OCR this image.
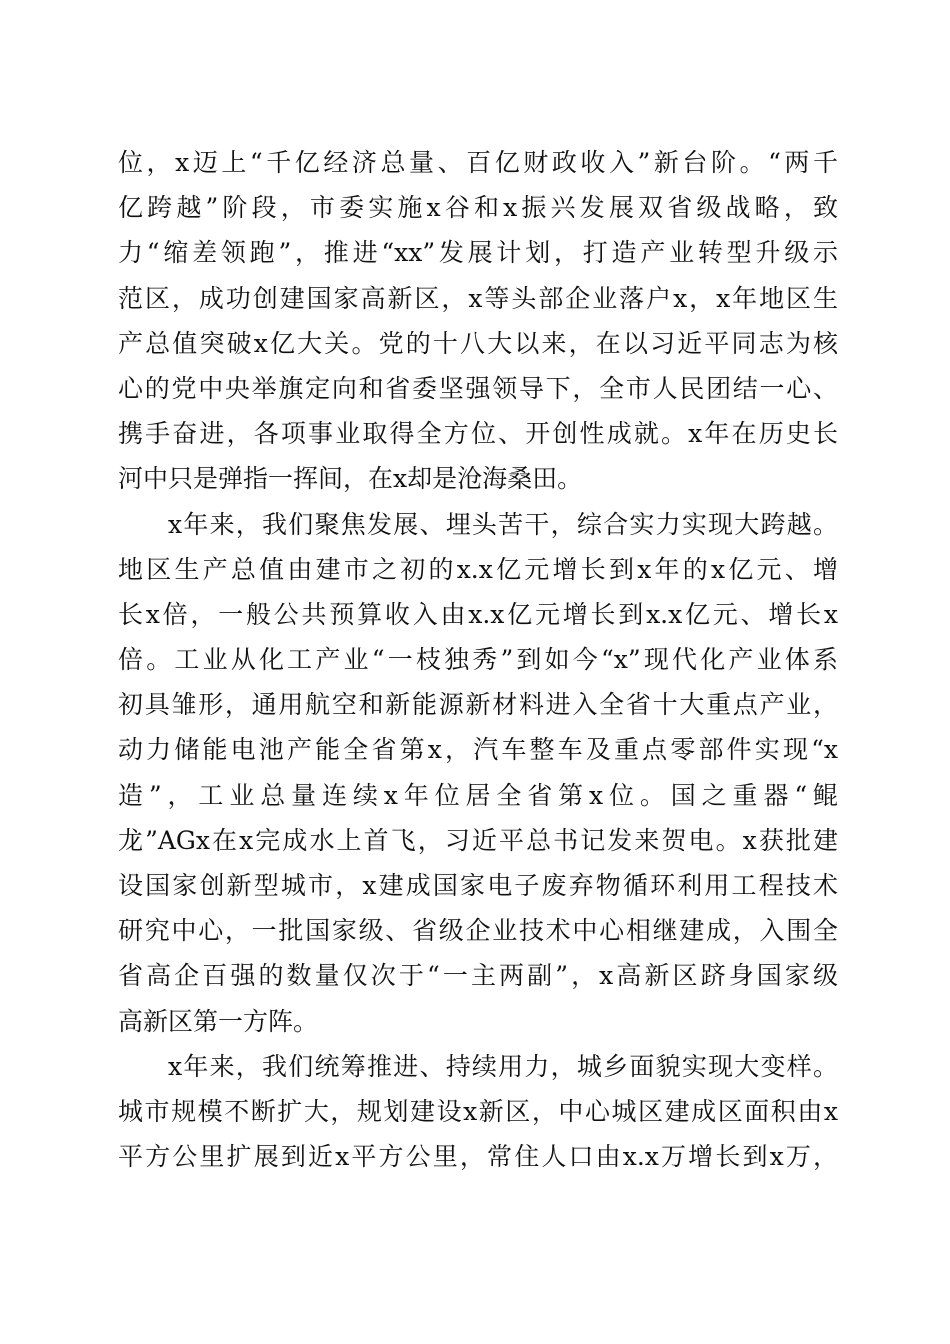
位，x迈上“千亿经济总量、百亿财政收入”新台阶。“两千
亿跨越”阶段，市委实施x谷和x振兴发展双省级战略，致
力“缩差领跑”，推进“xx”发展计划，打造产业转型升级示
范区，成功创建国家高新区，x等头部企业落户x，x年地区生
产总值突破x亿大关。党的十八大以来，在以习近平同志为核
心的党中央举旗定向和省委坚强领导下，全市人民团结一心、
携手奋进，各项事业取得全方位、开创性成就。x年在历史长
河中只是弹指一挥间，在x却是沧海桑田。
x年来，我们聚焦发展、埋头苦干，综合实力实现大跨越。
地区生产总值由建市之初的x.x亿元增长到x年的x亿元、增
长x倍，一般公共预算收入由x.x亿元增长到x.x亿元、增长x
倍。工业从化工产业“一枝独秀”到如今“x”现代化产业体系
初具雏形，通用航空和新能源新材料进入全省十大重点产业，
动力储能电池产能全省第x，汽车整车及重点零部件实现“x
造”，工业总量连续x年位居全省第x位。国之重器“鲲
龙”AGx在x完成水上首飞，习近平总书记发来贺电。x获批建
设国家创新型城市，x建成国家电子废弃物循环利用工程技术
研究中心，一批国家级、省级企业技术中心相继建成，入围全
省高企百强的数量仅次于“一主两副”，x高新区跻身国家级
高新区第一方阵。
x年来，我们统筹推进、持续用力，城乡面貌实现大变样。
城市规模不断扩大，规划建设x新区，中心城区建成区面积由x
平方公里扩展到近x平方公里，常住人口由x.x万增长到x万，
